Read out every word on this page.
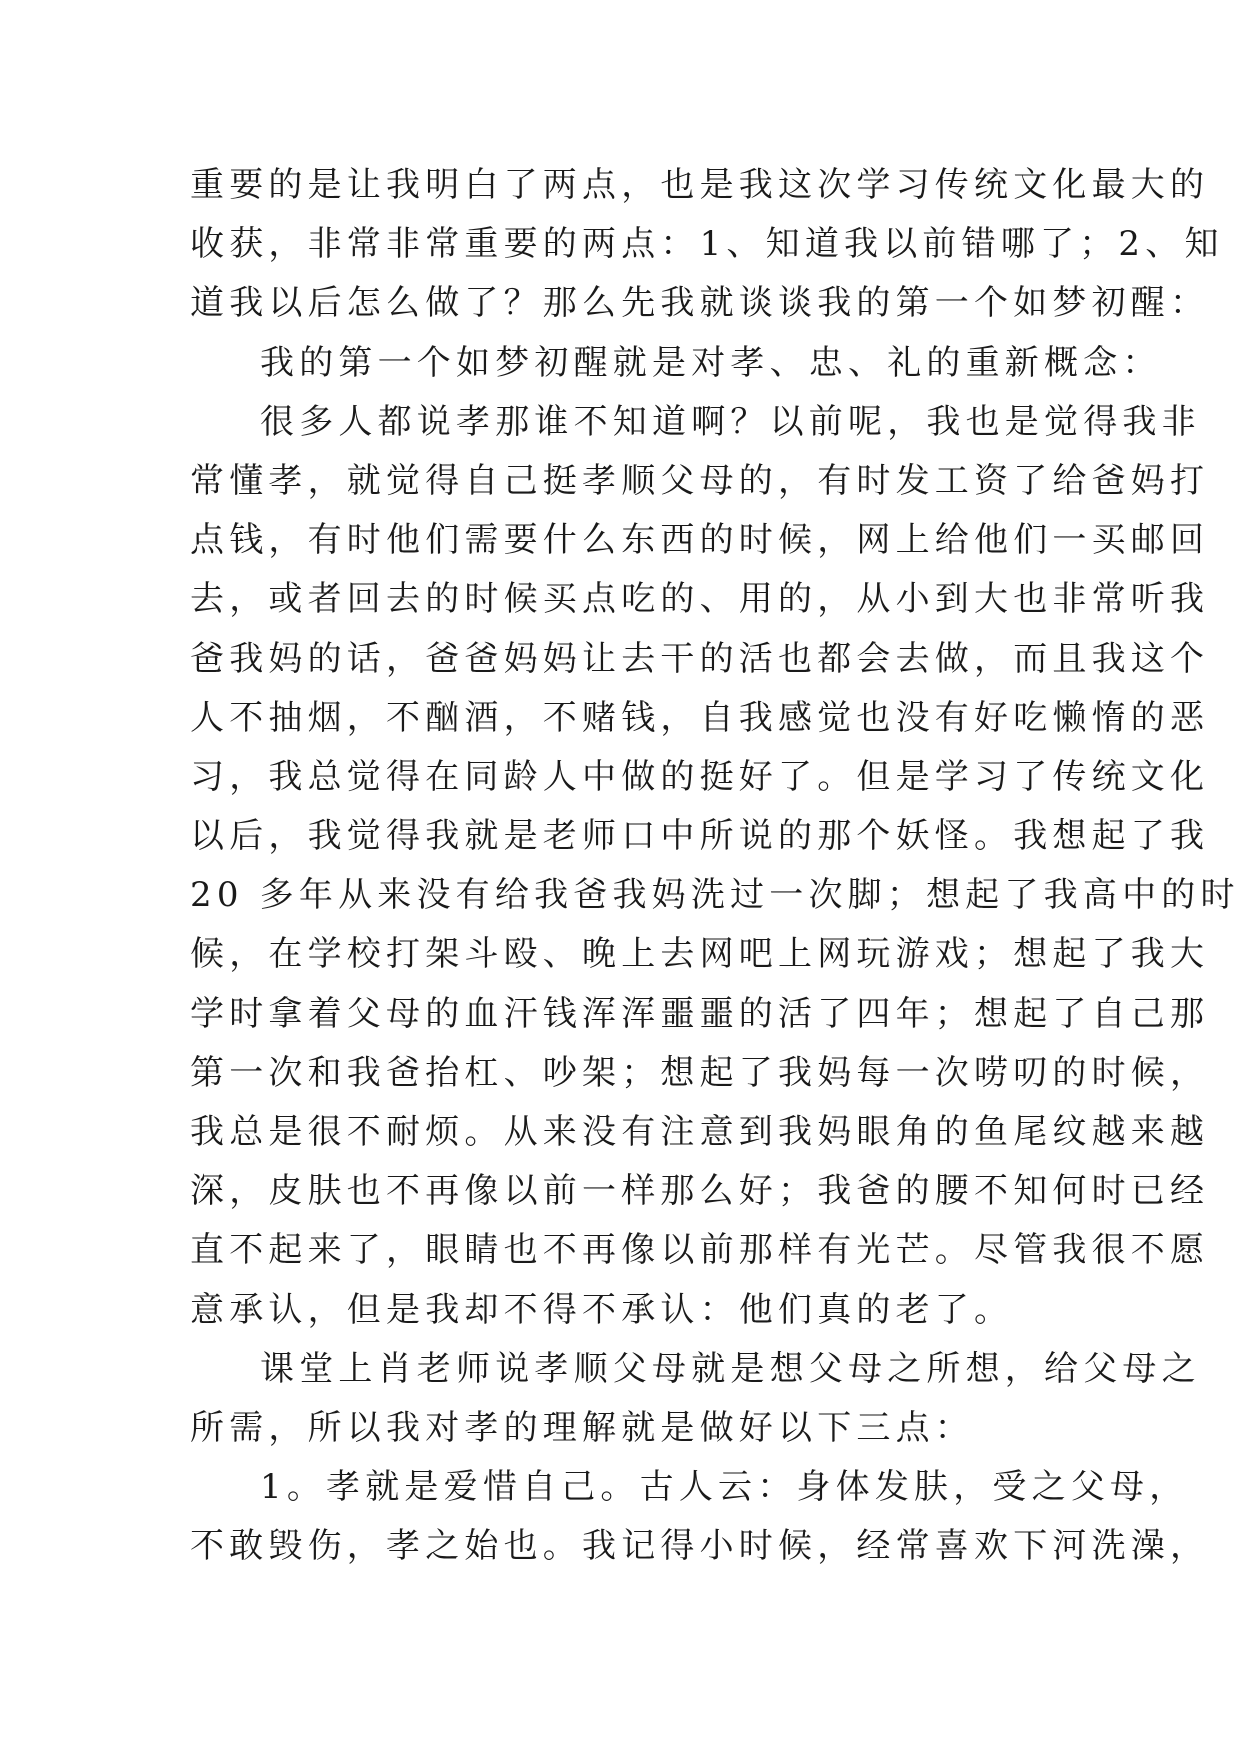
重要的是让我明白了两点，也是我这次学习传统文化最大的
收获，非常非常重要的两点：1、知道我以前错哪了；2、知
道我以后怎么做了？那么先我就谈谈我的第一个如梦初醒：
我的第一个如梦初醒就是对孝、忠、礼的重新概念：
很多人都说孝那谁不知道啊？以前呢，我也是觉得我非
常懂孝，就觉得自己挺孝顺父母的，有时发工资了给爸妈打
点钱，有时他们需要什么东西的时候，网上给他们一买邮回
去，或者回去的时候买点吃的、用的，从小到大也非常听我
爸我妈的话，爸爸妈妈让去干的活也都会去做，而且我这个
人不抽烟，不酗酒，不赌钱，自我感觉也没有好吃懒惰的恶
习，我总觉得在同龄人中做的挺好了。但是学习了传统文化
以后，我觉得我就是老师口中所说的那个妖怪。我想起了我
20 多年从来没有给我爸我妈洗过一次脚；想起了我高中的时
候，在学校打架斗殴、晚上去网吧上网玩游戏；想起了我大
学时拿着父母的血汗钱浑浑噩噩的活了四年；想起了自己那
第一次和我爸抬杠、吵架；想起了我妈每一次唠叨的时候，
我总是很不耐烦。从来没有注意到我妈眼角的鱼尾纹越来越
深，皮肤也不再像以前一样那么好；我爸的腰不知何时已经
直不起来了，眼睛也不再像以前那样有光芒。尽管我很不愿
意承认，但是我却不得不承认：他们真的老了。
课堂上肖老师说孝顺父母就是想父母之所想，给父母之
所需，所以我对孝的理解就是做好以下三点：
1。孝就是爱惜自己。古人云：身体发肤，受之父母，
不敢毁伤，孝之始也。我记得小时候，经常喜欢下河洗澡，
